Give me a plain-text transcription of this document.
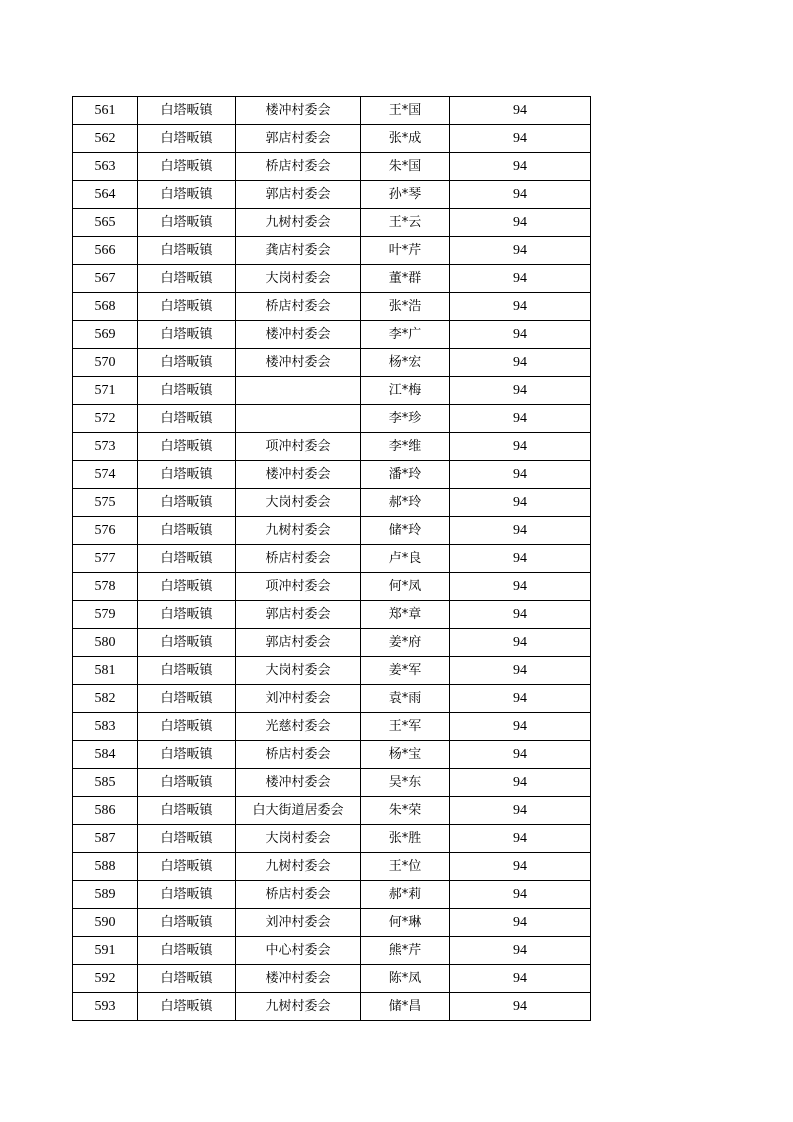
561	白塔畈镇	楼冲村委会	王*国	94
562	白塔畈镇	郭店村委会	张*成	94
563	白塔畈镇	桥店村委会	朱*国	94
564	白塔畈镇	郭店村委会	孙*琴	94
565	白塔畈镇	九树村委会	王*云	94
566	白塔畈镇	龚店村委会	叶*芹	94
567	白塔畈镇	大岗村委会	董*群	94
568	白塔畈镇	桥店村委会	张*浩	94
569	白塔畈镇	楼冲村委会	李*广	94
570	白塔畈镇	楼冲村委会	杨*宏	94
571	白塔畈镇		江*梅	94
572	白塔畈镇		李*珍	94
573	白塔畈镇	项冲村委会	李*维	94
574	白塔畈镇	楼冲村委会	潘*玲	94
575	白塔畈镇	大岗村委会	郝*玲	94
576	白塔畈镇	九树村委会	储*玲	94
577	白塔畈镇	桥店村委会	卢*良	94
578	白塔畈镇	项冲村委会	何*凤	94
579	白塔畈镇	郭店村委会	郑*章	94
580	白塔畈镇	郭店村委会	姜*府	94
581	白塔畈镇	大岗村委会	姜*军	94
582	白塔畈镇	刘冲村委会	袁*雨	94
583	白塔畈镇	光慈村委会	王*军	94
584	白塔畈镇	桥店村委会	杨*宝	94
585	白塔畈镇	楼冲村委会	吴*东	94
586	白塔畈镇	白大街道居委会	朱*荣	94
587	白塔畈镇	大岗村委会	张*胜	94
588	白塔畈镇	九树村委会	王*位	94
589	白塔畈镇	桥店村委会	郝*莉	94
590	白塔畈镇	刘冲村委会	何*琳	94
591	白塔畈镇	中心村委会	熊*芹	94
592	白塔畈镇	楼冲村委会	陈*凤	94
593	白塔畈镇	九树村委会	储*昌	94
